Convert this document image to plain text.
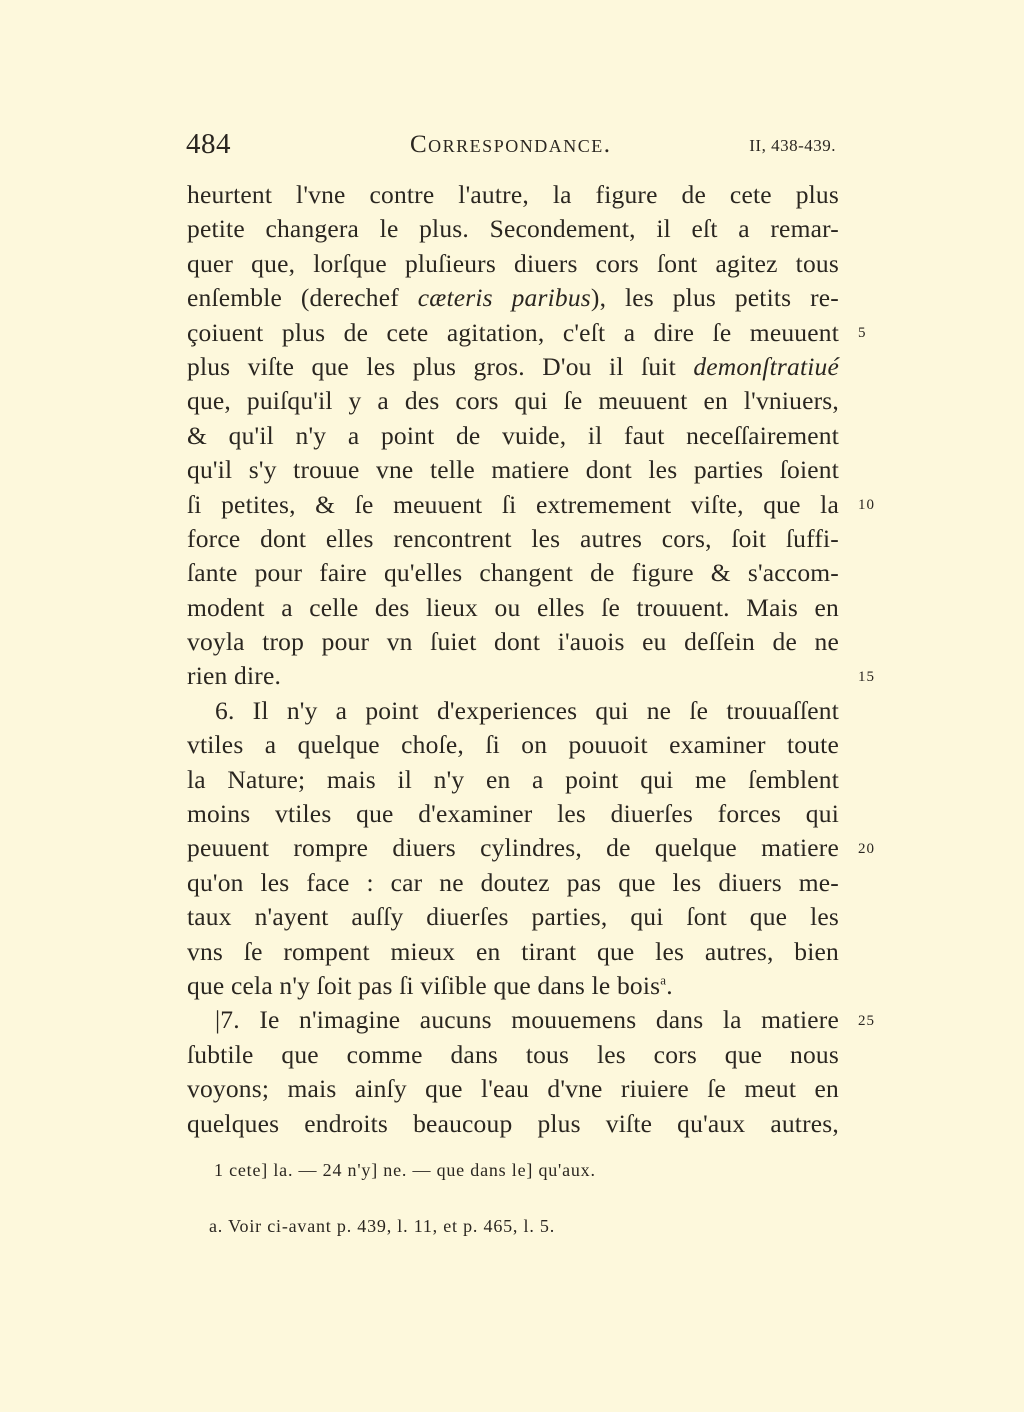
484	Correspondance.	II, 438-439.
heurtent l'vne contre l'autre, la figure de cete plus
petite changera le plus. Secondement, il eſt a remar-
quer que, lorſque pluſieurs diuers cors ſont agitez tous
enſemble (derechef cæteris paribus), les plus petits re-
çoiuent plus de cete agitation, c'eſt a dire ſe meuuent
plus viſte que les plus gros. D'ou il ſuit demonſtratiué
que, puiſqu'il y a des cors qui ſe meuuent en l'vniuers,
& qu'il n'y a point de vuide, il faut neceſſairement
qu'il s'y trouue vne telle matiere dont les parties ſoient
ſi petites, & ſe meuuent ſi extremement viſte, que la
force dont elles rencontrent les autres cors, ſoit ſuffi-
ſante pour faire qu'elles changent de figure & s'accom-
modent a celle des lieux ou elles ſe trouuent. Mais en
voyla trop pour vn ſuiet dont i'auois eu deſſein de ne
rien dire.
6. Il n'y a point d'experiences qui ne ſe trouuaſſent
vtiles a quelque choſe, ſi on pouuoit examiner toute
la Nature; mais il n'y en a point qui me ſemblent
moins vtiles que d'examiner les diuerſes forces qui
peuuent rompre diuers cylindres, de quelque matiere
qu'on les face : car ne doutez pas que les diuers me-
taux n'ayent auſſy diuerſes parties, qui ſont que les
vns ſe rompent mieux en tirant que les autres, bien
que cela n'y ſoit pas ſi viſible que dans le bois$^a$.
|7. Ie n'imagine aucuns mouuemens dans la matiere
ſubtile que comme dans tous les cors que nous
voyons; mais ainſy que l'eau d'vne riuiere ſe meut en
quelques endroits beaucoup plus viſte qu'aux autres,
5
10
15
20
25
1 cete] la. — 24 n'y] ne. — que dans le] qu'aux.
a. Voir ci-avant p. 439, l. 11, et p. 465, l. 5.
